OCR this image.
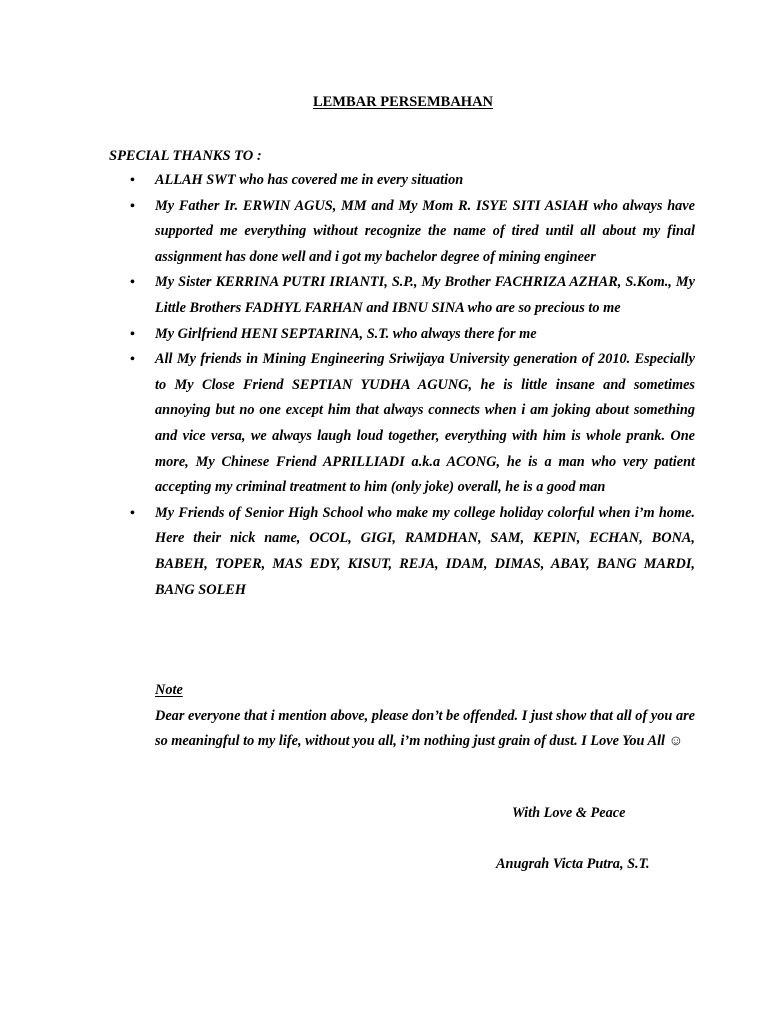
LEMBAR PERSEMBAHAN
SPECIAL THANKS TO :
• ALLAH SWT who has covered me in every situation
• My Father Ir. ERWIN AGUS, MM and My Mom R. ISYE SITI ASIAH who always have supported me everything without recognize the name of tired until all about my final assignment has done well and i got my bachelor degree of mining engineer
• My Sister KERRINA PUTRI IRIANTI, S.P., My Brother FACHRIZA AZHAR, S.Kom., My Little Brothers FADHYL FARHAN and IBNU SINA who are so precious to me
• My Girlfriend HENI SEPTARINA, S.T. who always there for me
• All My friends in Mining Engineering Sriwijaya University generation of 2010. Especially to My Close Friend SEPTIAN YUDHA AGUNG, he is little insane and sometimes annoying but no one except him that always connects when i am joking about something and vice versa, we always laugh loud together, everything with him is whole prank. One more, My Chinese Friend APRILLIADI a.k.a ACONG, he is a man who very patient accepting my criminal treatment to him (only joke) overall, he is a good man
• My Friends of Senior High School who make my college holiday colorful when i’m home. Here their nick name, OCOL, GIGI, RAMDHAN, SAM, KEPIN, ECHAN, BONA, BABEH, TOPER, MAS EDY, KISUT, REJA, IDAM, DIMAS, ABAY, BANG MARDI, BANG SOLEH
Note
Dear everyone that i mention above, please don’t be offended. I just show that all of you are so meaningful to my life, without you all, i’m nothing just grain of dust. I Love You All ☺
With Love & Peace
Anugrah Victa Putra, S.T.
